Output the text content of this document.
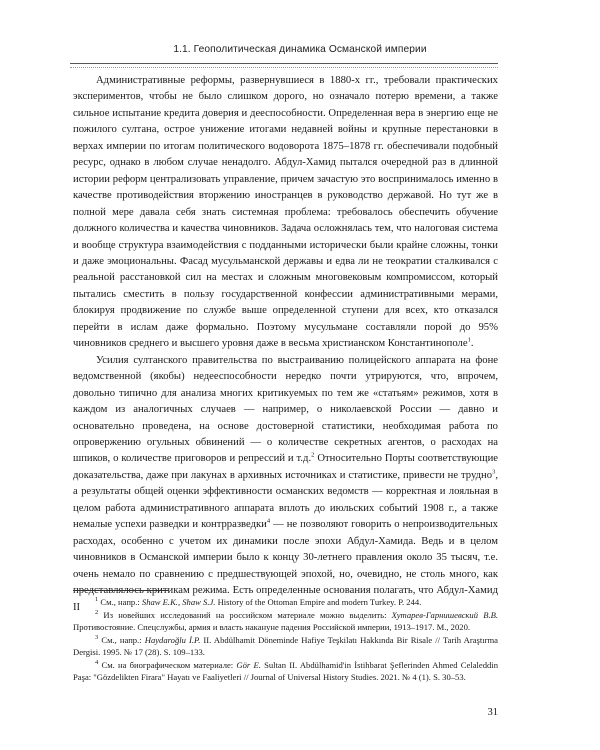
1.1. Геополитическая динамика Османской империи

Административные реформы, развернувшиеся в 1880-х гг., требовали практических экспериментов, чтобы не было слишком дорого, но означало потерю времени, а также сильное испытание кредита доверия и дееспособности. Определенная вера в энергию еще не пожилого султана, острое унижение итогами недавней войны и крупные перестановки в верхах империи по итогам политического водоворота 1875–1878 гг. обеспечивали подобный ресурс, однако в любом случае ненадолго. Абдул-Хамид пытался очередной раз в длинной истории реформ централизовать управление, причем зачастую это воспринималось именно в качестве противодействия вторжению иностранцев в руководство державой. Но тут же в полной мере давала себя знать системная проблема: требовалось обеспечить обучение должного количества и качества чиновников. Задача осложнялась тем, что налоговая система и вообще структура взаимодействия с подданными исторически были крайне сложны, тонки и даже эмоциональны. Фасад мусульманской державы и едва ли не теократии сталкивался с реальной расстановкой сил на местах и сложным многовековым компромиссом, который пытались сместить в пользу государственной конфессии административными мерами, блокируя продвижение по службе выше определенной ступени для всех, кто отказался перейти в ислам даже формально. Поэтому мусульмане составляли порой до 95% чиновников среднего и высшего уровня даже в весьма христианском Константинополе$^1$.

Усилия султанского правительства по выстраиванию полицейского аппарата на фоне ведомственной (якобы) недееспособности нередко почти утрируются, что, впрочем, довольно типично для анализа многих критикуемых по тем же «статьям» режимов, хотя в каждом из аналогичных случаев — например, о николаевской России — давно и основательно проведена, на основе достоверной статистики, необходимая работа по опровержению огульных обвинений — о количестве секретных агентов, о расходах на шпиков, о количестве приговоров и репрессий и т.д.$^2$ Относительно Порты соответствующие доказательства, даже при лакунах в архивных источниках и статистике, привести не трудно$^3$, а результаты общей оценки эффективности османских ведомств — корректная и лояльная в целом работа административного аппарата вплоть до июльских событий 1908 г., а также немалые успехи разведки и контрразведки$^4$ — не позволяют говорить о непроизводительных расходах, особенно с учетом их динамики после эпохи Абдул-Хамида. Ведь и в целом чиновников в Османской империи было к концу 30-летнего правления около 35 тысяч, т.е. очень немало по сравнению с предшествующей эпохой, но, очевидно, не столь много, как представлялось критикам режима. Есть определенные основания полагать, что Абдул-Хамид II

$^1$ См., напр.: Shaw E.K., Shaw S.J. History of the Ottoman Empire and modern Turkey. P. 244.

$^2$ Из новейших исследований на российском материале можно выделить: Хутарев-Гарнишевский В.В. Противостояние. Спецслужбы, армия и власть накануне падения Российской империи, 1913–1917. М., 2020.

$^3$ См., напр.: Haydaroğlu İ.P. II. Abdülhamit Döneminde Hafiye Teşkilatı Hakkında Bir Risale // Tarih Araştırma Dergisi. 1995. № 17 (28). S. 109–133.

$^4$ См. на биографическом материале: Gör E. Sultan II. Abdülhamid'in İstihbarat Şeflerinden Ahmed Celaleddin Paşa: "Gözdelikten Firara" Hayatı ve Faaliyetleri // Journal of Universal History Studies. 2021. № 4 (1). S. 30–53.

31
